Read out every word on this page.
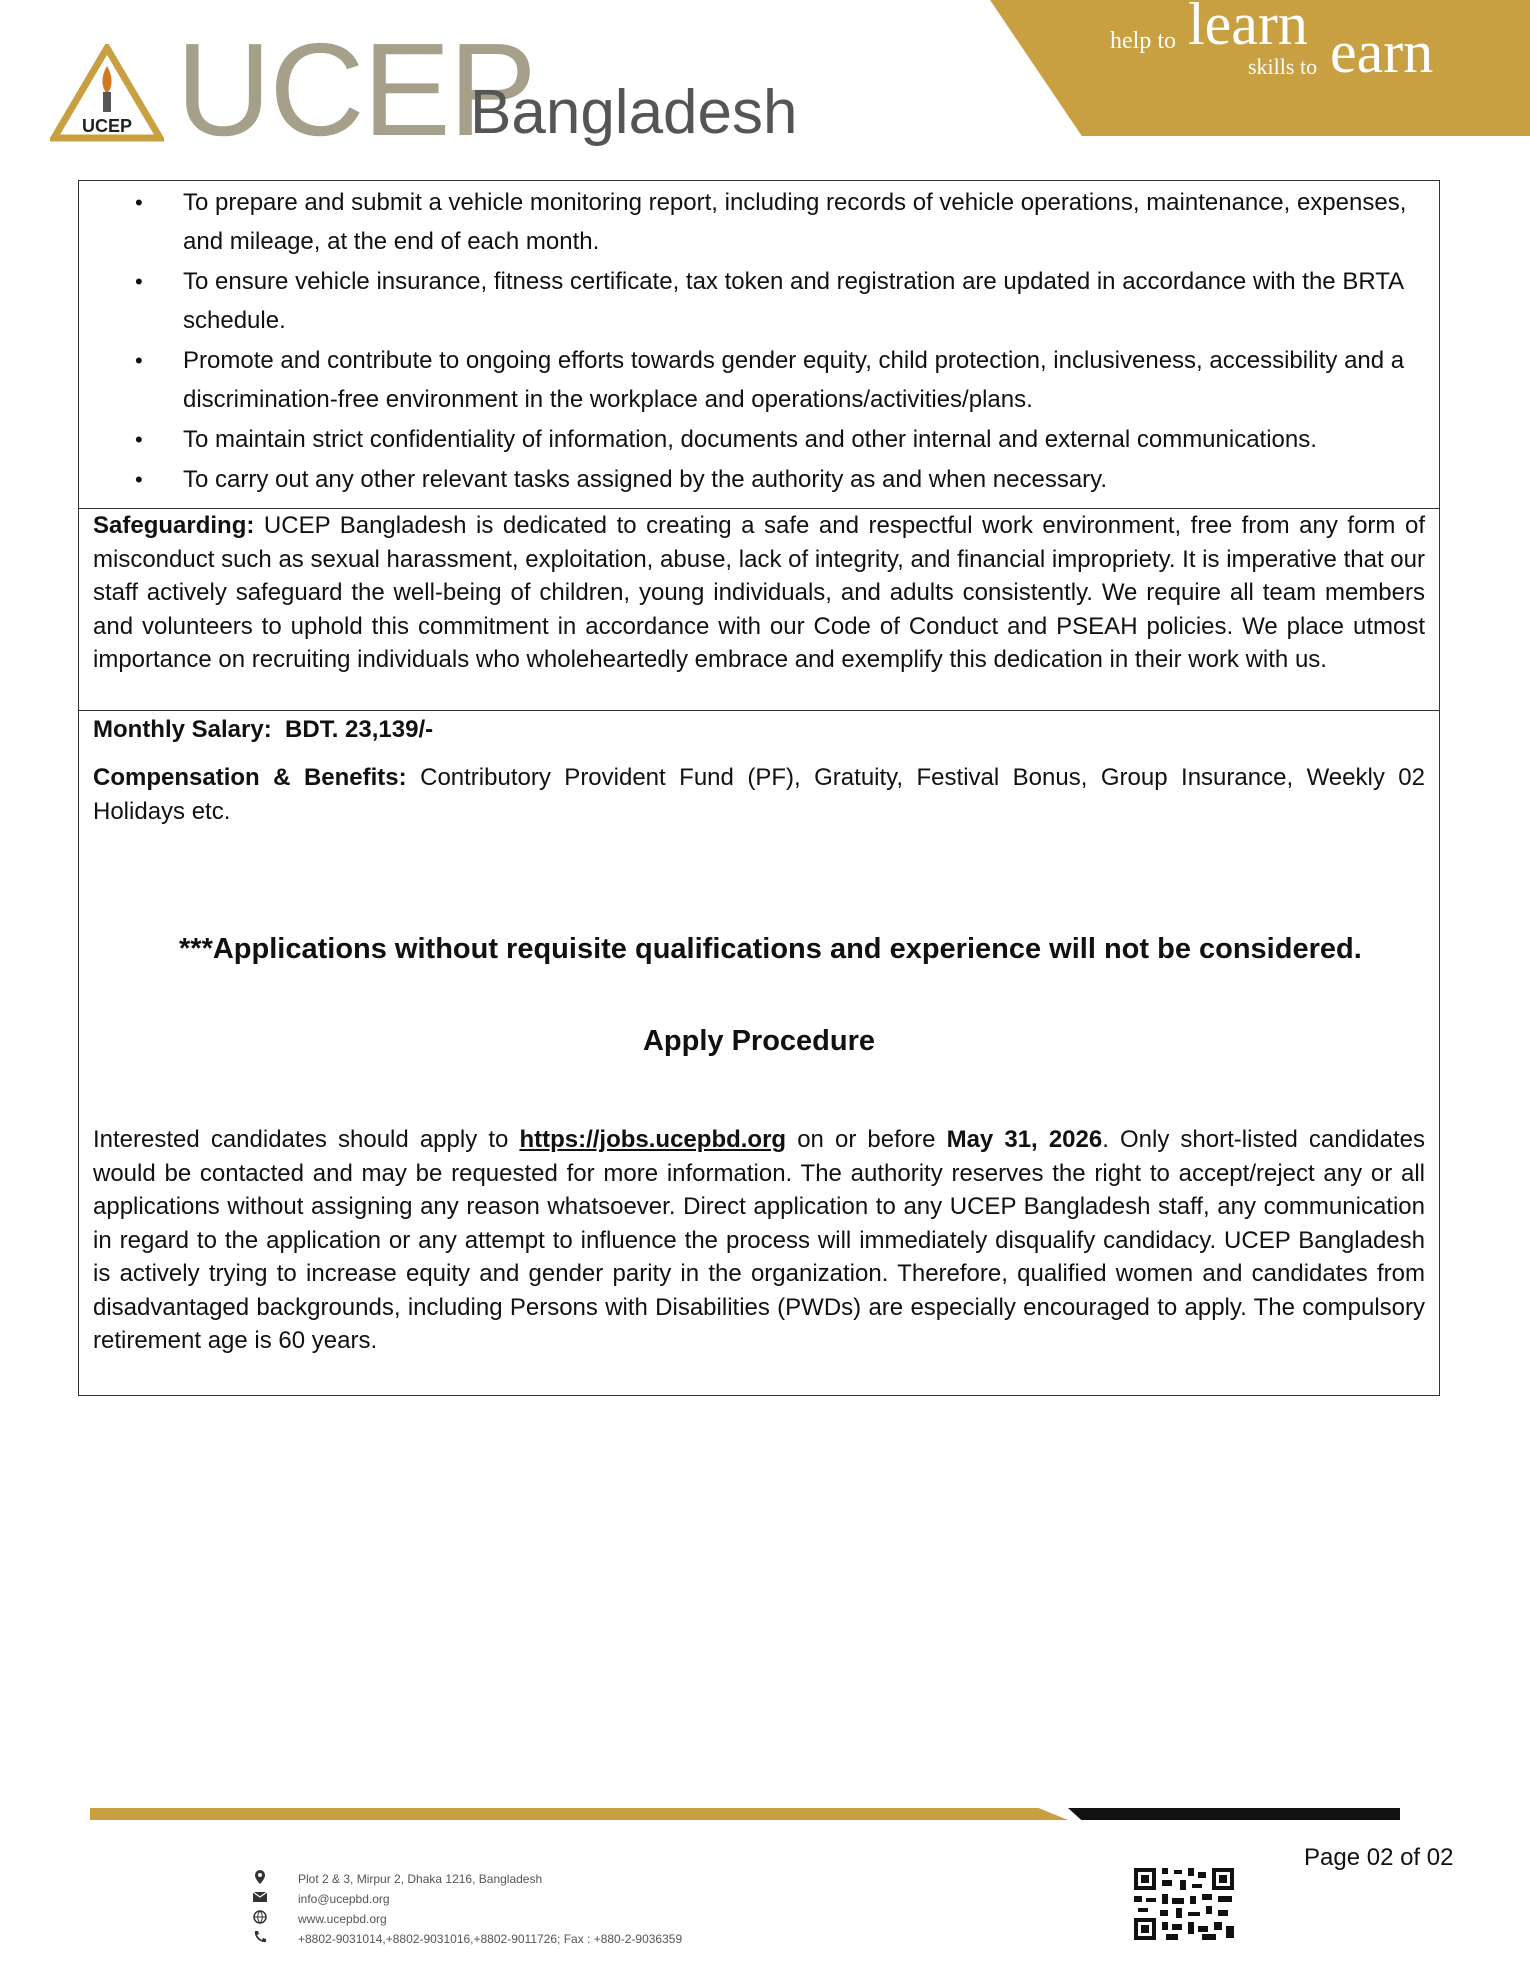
help to learn
skills to earn
UCEP UCEP
Bangladesh
• To prepare and submit a vehicle monitoring report, including records of vehicle operations, maintenance, expenses, and mileage, at the end of each month.
• To ensure vehicle insurance, fitness certificate, tax token and registration are updated in accordance with the BRTA schedule.
• Promote and contribute to ongoing efforts towards gender equity, child protection, inclusiveness, accessibility and a discrimination-free environment in the workplace and operations/activities/plans.
• To maintain strict confidentiality of information, documents and other internal and external communications.
• To carry out any other relevant tasks assigned by the authority as and when necessary.

Safeguarding: UCEP Bangladesh is dedicated to creating a safe and respectful work environment, free from any form of misconduct such as sexual harassment, exploitation, abuse, lack of integrity, and financial impropriety. It is imperative that our staff actively safeguard the well-being of children, young individuals, and adults consistently. We require all team members and volunteers to uphold this commitment in accordance with our Code of Conduct and PSEAH policies. We place utmost importance on recruiting individuals who wholeheartedly embrace and exemplify this dedication in their work with us.

Monthly Salary: BDT. 23,139/-

Compensation & Benefits: Contributory Provident Fund (PF), Gratuity, Festival Bonus, Group Insurance, Weekly 02 Holidays etc.

***Applications without requisite qualifications and experience will not be considered.
Apply Procedure

Interested candidates should apply to https://jobs.ucepbd.org on or before May 31, 2026. Only short-listed candidates would be contacted and may be requested for more information. The authority reserves the right to accept/reject any or all applications without assigning any reason whatsoever. Direct application to any UCEP Bangladesh staff, any communication in regard to the application or any attempt to influence the process will immediately disqualify candidacy. UCEP Bangladesh is actively trying to increase equity and gender parity in the organization. Therefore, qualified women and candidates from disadvantaged backgrounds, including Persons with Disabilities (PWDs) are especially encouraged to apply. The compulsory retirement age is 60 years.

Plot 2 & 3, Mirpur 2, Dhaka 1216, Bangladesh
info@ucepbd.org
www.ucepbd.org
+8802-9031014,+8802-9031016,+8802-9011726; Fax : +880-2-9036359
Page 02 of 02
